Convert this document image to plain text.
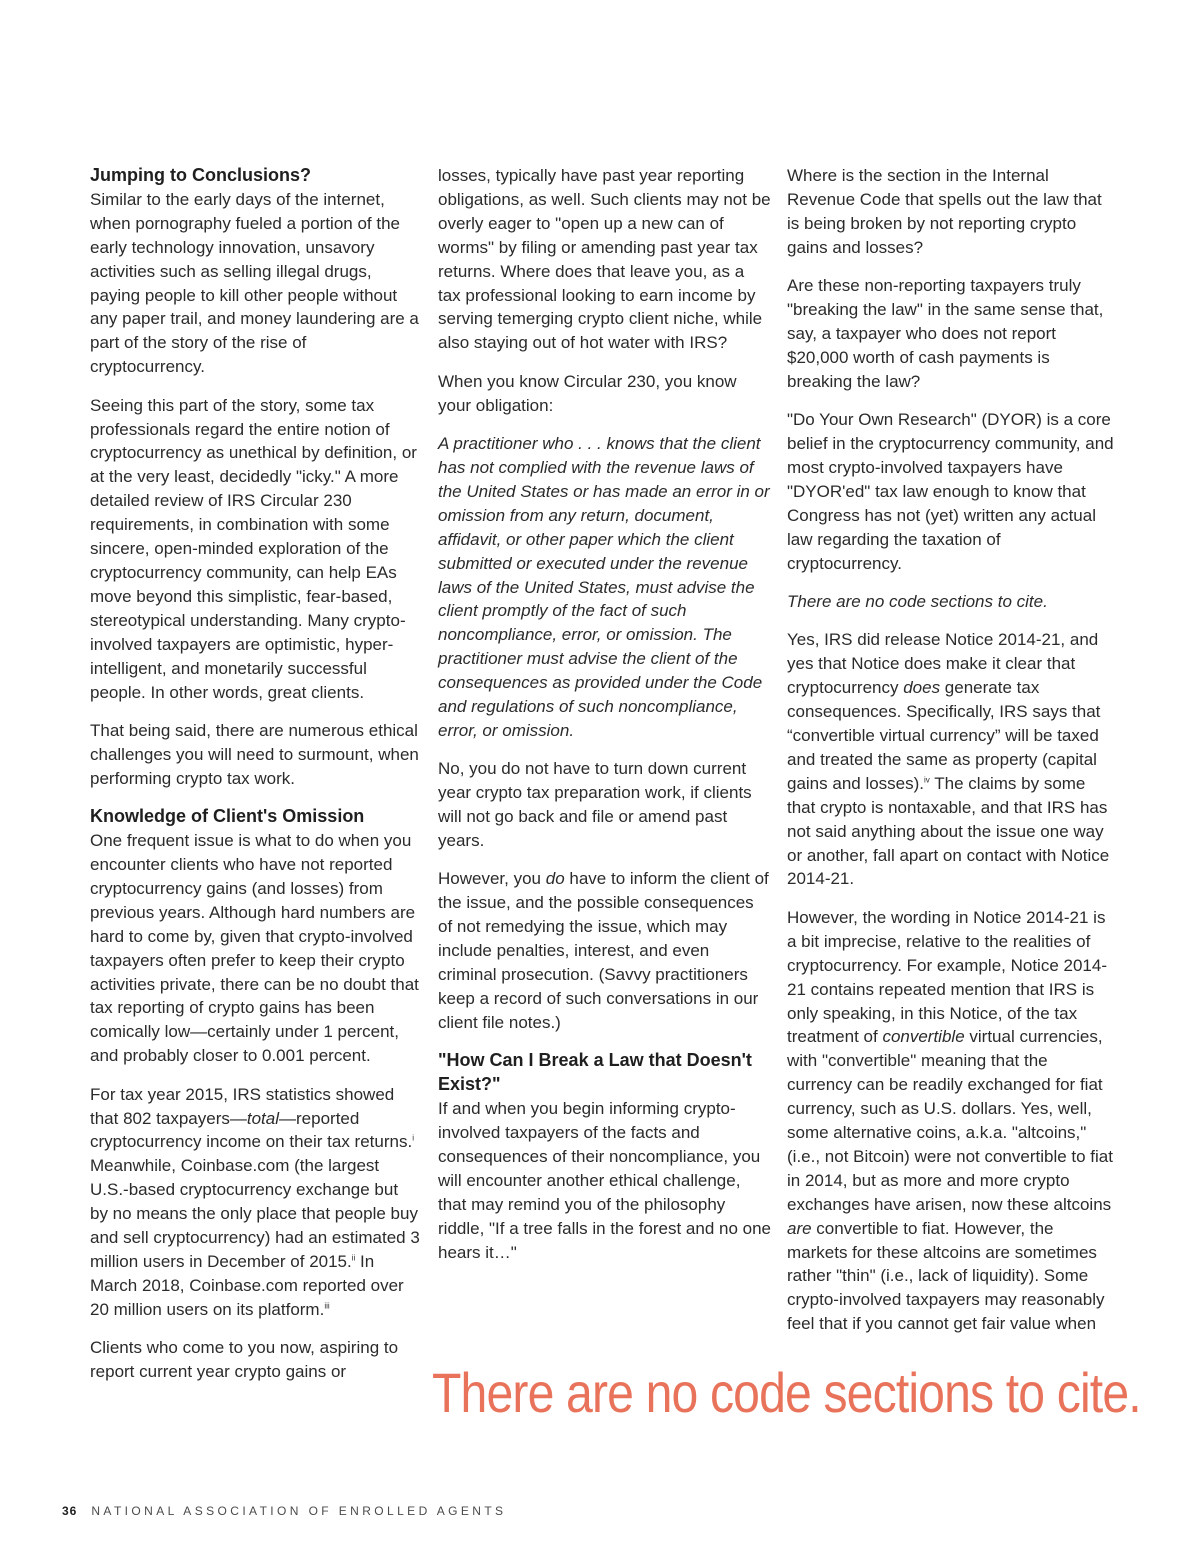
Jumping to Conclusions?

Similar to the early days of the internet, when pornography fueled a portion of the early technology innovation, unsavory activities such as selling illegal drugs, paying people to kill other people without any paper trail, and money laundering are a part of the story of the rise of cryptocurrency.

Seeing this part of the story, some tax professionals regard the entire notion of cryptocurrency as unethical by definition, or at the very least, decidedly "icky." A more detailed review of IRS Circular 230 requirements, in combination with some sincere, open-minded exploration of the cryptocurrency community, can help EAs move beyond this simplistic, fear-based, stereotypical understanding. Many crypto-involved taxpayers are optimistic, hyper-intelligent, and monetarily successful people. In other words, great clients.

That being said, there are numerous ethical challenges you will need to surmount, when performing crypto tax work.

Knowledge of Client's Omission

One frequent issue is what to do when you encounter clients who have not reported cryptocurrency gains (and losses) from previous years. Although hard numbers are hard to come by, given that crypto-involved taxpayers often prefer to keep their crypto activities private, there can be no doubt that tax reporting of crypto gains has been comically low—certainly under 1 percent, and probably closer to 0.001 percent.

For tax year 2015, IRS statistics showed that 802 taxpayers—total—reported cryptocurrency income on their tax returns.$^i$ Meanwhile, Coinbase.com (the largest U.S.-based cryptocurrency exchange but by no means the only place that people buy and sell cryptocurrency) had an estimated 3 million users in December of 2015.$^{ii}$ In March 2018, Coinbase.com reported over 20 million users on its platform.$^{iii}$

Clients who come to you now, aspiring to report current year crypto gains or

losses, typically have past year reporting obligations, as well. Such clients may not be overly eager to "open up a new can of worms" by filing or amending past year tax returns. Where does that leave you, as a tax professional looking to earn income by serving temerging crypto client niche, while also staying out of hot water with IRS?

When you know Circular 230, you know your obligation:

A practitioner who . . . knows that the client has not complied with the revenue laws of the United States or has made an error in or omission from any return, document, affidavit, or other paper which the client submitted or executed under the revenue laws of the United States, must advise the client promptly of the fact of such noncompliance, error, or omission. The practitioner must advise the client of the consequences as provided under the Code and regulations of such noncompliance, error, or omission.

No, you do not have to turn down current year crypto tax preparation work, if clients will not go back and file or amend past years.

However, you do have to inform the client of the issue, and the possible consequences of not remedying the issue, which may include penalties, interest, and even criminal prosecution. (Savvy practitioners keep a record of such conversations in our client file notes.)

"How Can I Break a Law that Doesn't Exist?"

If and when you begin informing crypto-involved taxpayers of the facts and consequences of their noncompliance, you will encounter another ethical challenge, that may remind you of the philosophy riddle, "If a tree falls in the forest and no one hears it…"

Where is the section in the Internal Revenue Code that spells out the law that is being broken by not reporting crypto gains and losses?

Are these non-reporting taxpayers truly "breaking the law" in the same sense that, say, a taxpayer who does not report $20,000 worth of cash payments is breaking the law?

"Do Your Own Research" (DYOR) is a core belief in the cryptocurrency community, and most crypto-involved taxpayers have "DYOR'ed" tax law enough to know that Congress has not (yet) written any actual law regarding the taxation of cryptocurrency.

There are no code sections to cite.

Yes, IRS did release Notice 2014-21, and yes that Notice does make it clear that cryptocurrency does generate tax consequences. Specifically, IRS says that “convertible virtual currency” will be taxed and treated the same as property (capital gains and losses).$^{iv}$ The claims by some that crypto is nontaxable, and that IRS has not said anything about the issue one way or another, fall apart on contact with Notice 2014-21.

However, the wording in Notice 2014-21 is a bit imprecise, relative to the realities of cryptocurrency. For example, Notice 2014-21 contains repeated mention that IRS is only speaking, in this Notice, of the tax treatment of convertible virtual currencies, with "convertible" meaning that the currency can be readily exchanged for fiat currency, such as U.S. dollars. Yes, well, some alternative coins, a.k.a. "altcoins," (i.e., not Bitcoin) were not convertible to fiat in 2014, but as more and more crypto exchanges have arisen, now these altcoins are convertible to fiat. However, the markets for these altcoins are sometimes rather "thin" (i.e., lack of liquidity). Some crypto-involved taxpayers may reasonably feel that if you cannot get fair value when

There are no code sections to cite.
36 NATIONAL ASSOCIATION OF ENROLLED AGENTS
